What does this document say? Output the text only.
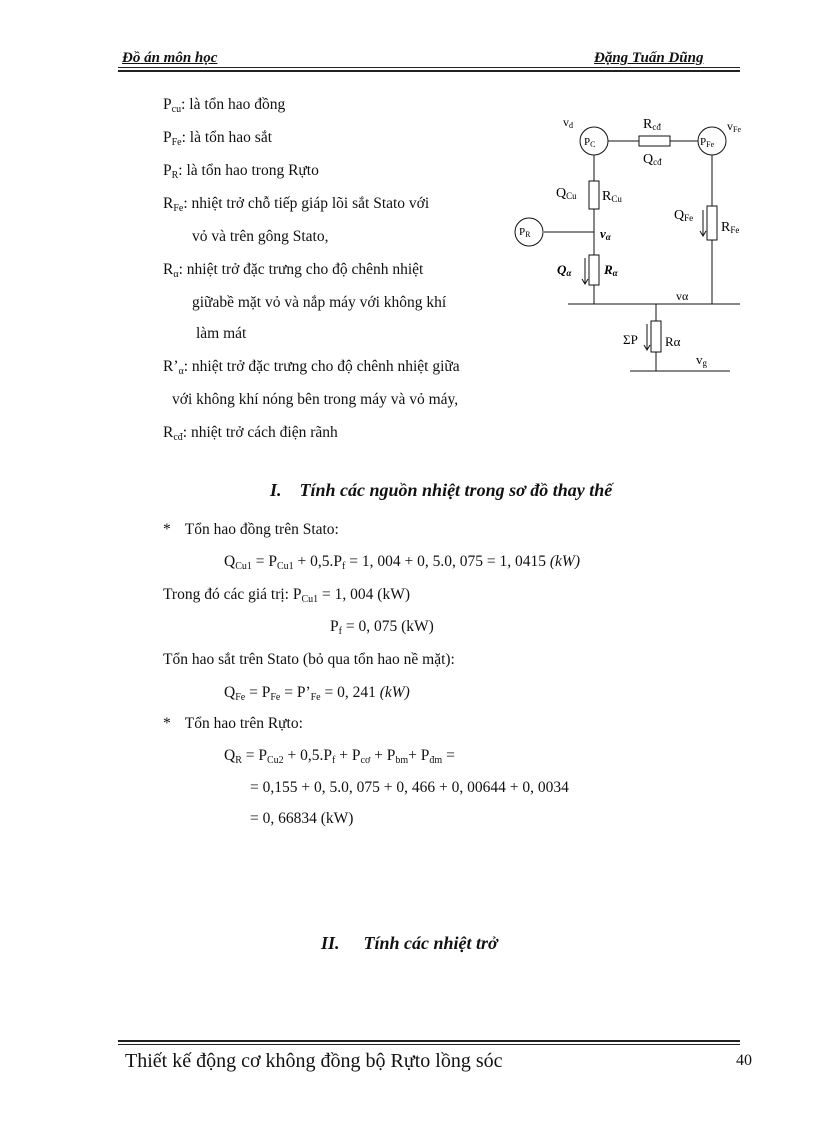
Đồ án môn học	Đặng Tuấn Dũng
$P_{cu}$: là tổn hao đồng
$P_{Fe}$: là tổn hao sắt
$P_R$: là tổn hao trong Rựto
$R_{Fe}$: nhiệt trở chỗ tiếp giáp lõi sắt Stato với
vỏ và trên gông Stato,
$R_\alpha$: nhiệt trở đặc trưng cho độ chênh nhiệt
giữabề mặt vỏ và nắp máy với không khí
làm mát
$R’_\alpha$: nhiệt trở đặc trưng cho độ chênh nhiệt giữa
với không khí nóng bên trong máy và vỏ máy,
$R_{cđ}$: nhiệt trở cách điện rãnh
PC	PFe
PR
vđ	vFe
Rcđ
Qcđ
QCu RCu
QFe
RFe
vα
Qα	Rα
vα
ΣP Rα
vg
I. Tính các nguồn nhiệt trong sơ đồ thay thế
* Tổn hao đồng trên Stato:
$Q_{Cu1} = P_{Cu1} + 0,5.P_f = 1$, 004 + 0, 5.0, 075 = 1, 0415 (kW)
Trong đó các giá trị: $P_{Cu1} = 1$, 004 (kW)
$P_f = 0$, 075 (kW)
Tổn hao sắt trên Stato (bỏ qua tổn hao nề mặt):
$Q_{Fe} = P_{Fe}$ = $P’_{Fe} = 0$, 241 (kW)
* Tổn hao trên Rựto:
$Q_R = P_{Cu2} + 0,5.P_f + P_{cơ} + P_{bm}+ P_{đm}$ =
= 0,155 + 0, 5.0, 075 + 0, 466 + 0, 00644 + 0, 0034
= 0, 66834 (kW)
II. Tính các nhiệt trở
Thiết kế động cơ không đồng bộ Rựto lồng sóc	40
